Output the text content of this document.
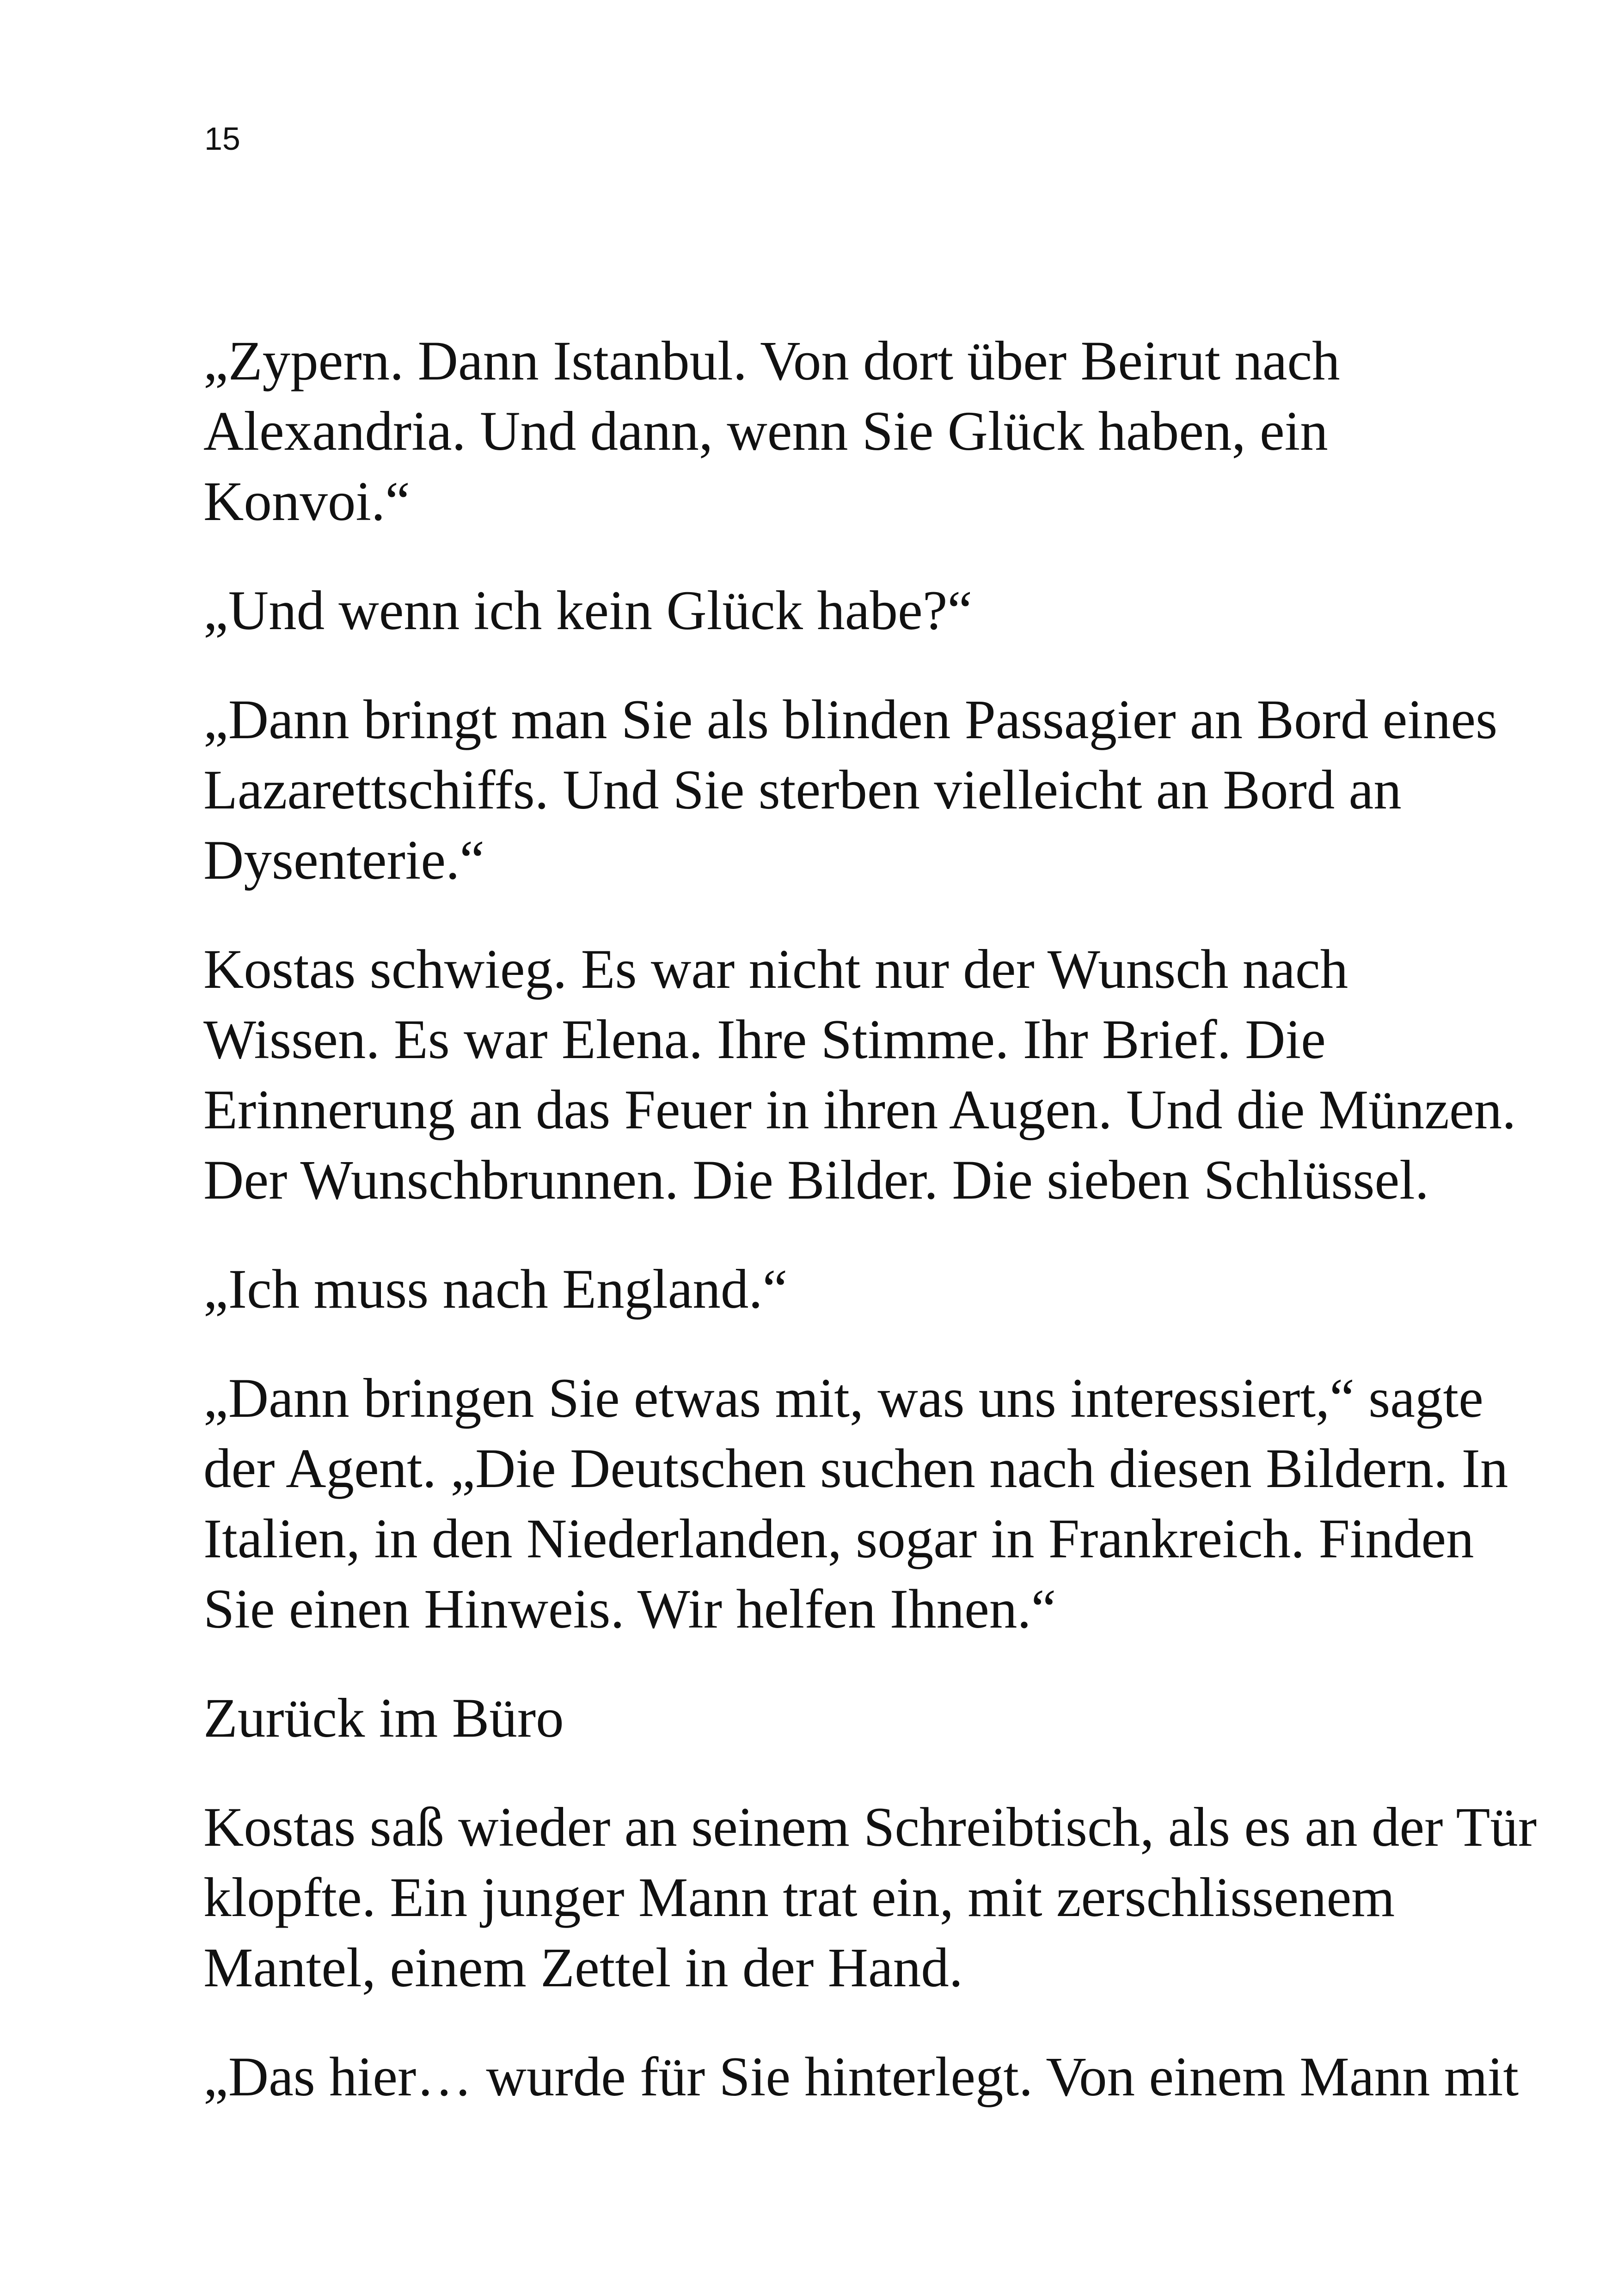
15

„Zypern. Dann Istanbul. Von dort über Beirut nach
Alexandria. Und dann, wenn Sie Glück haben, ein
Konvoi.“

„Und wenn ich kein Glück habe?“

„Dann bringt man Sie als blinden Passagier an Bord eines
Lazarettschiffs. Und Sie sterben vielleicht an Bord an
Dysenterie.“

Kostas schwieg. Es war nicht nur der Wunsch nach
Wissen. Es war Elena. Ihre Stimme. Ihr Brief. Die
Erinnerung an das Feuer in ihren Augen. Und die Münzen.
Der Wunschbrunnen. Die Bilder. Die sieben Schlüssel.

„Ich muss nach England.“

„Dann bringen Sie etwas mit, was uns interessiert,“ sagte
der Agent. „Die Deutschen suchen nach diesen Bildern. In
Italien, in den Niederlanden, sogar in Frankreich. Finden
Sie einen Hinweis. Wir helfen Ihnen.“

Zurück im Büro

Kostas saß wieder an seinem Schreibtisch, als es an der Tür
klopfte. Ein junger Mann trat ein, mit zerschlissenem
Mantel, einem Zettel in der Hand.

„Das hier… wurde für Sie hinterlegt. Von einem Mann mit
